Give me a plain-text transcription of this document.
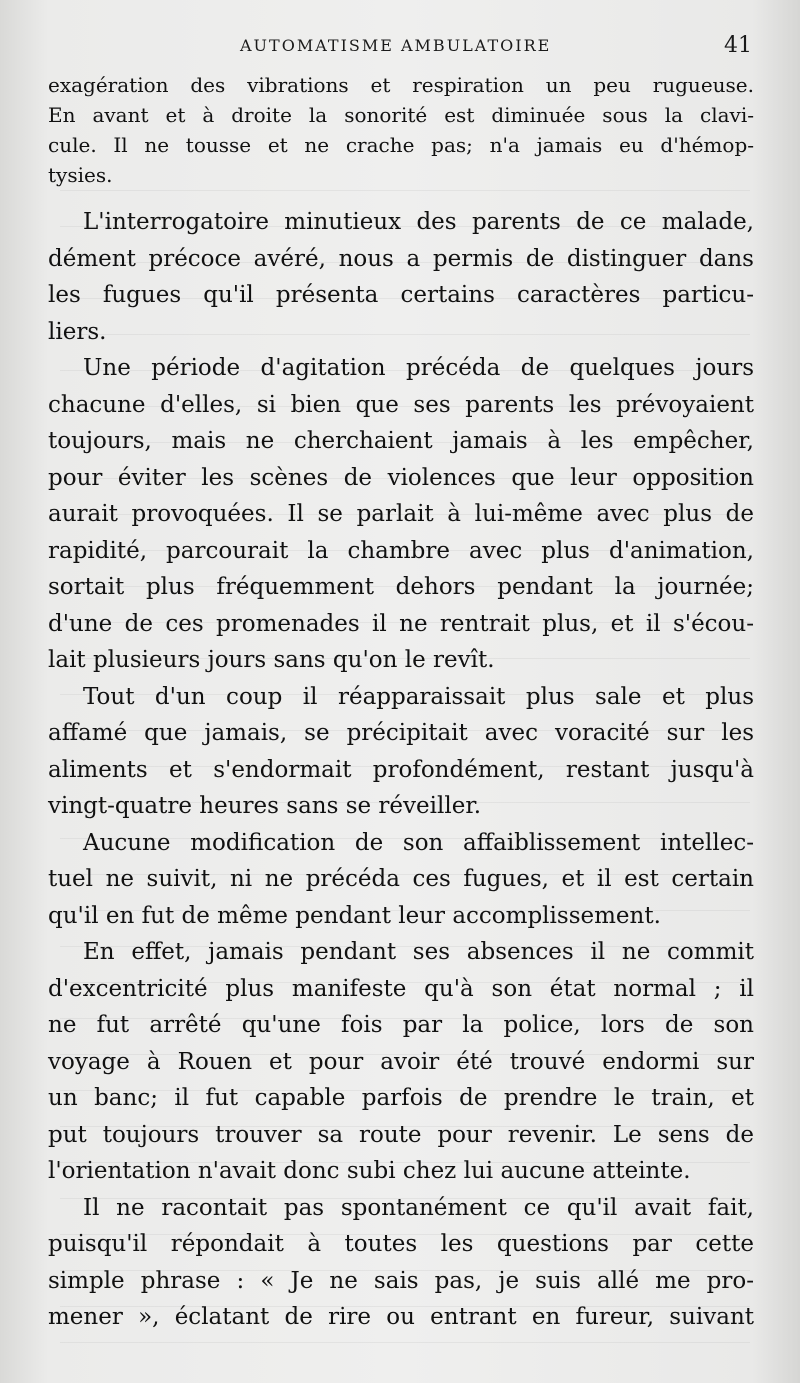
AUTOMATISME AMBULATOIRE	41

exagération des vibrations et respiration un peu rugueuse.
En avant et à droite la sonorité est diminuée sous la clavi-
cule. Il ne tousse et ne crache pas; n'a jamais eu d'hémop-
tysies.

L'interrogatoire minutieux des parents de ce malade,
dément précoce avéré, nous a permis de distinguer dans
les fugues qu'il présenta certains caractères particu-
liers.

Une période d'agitation précéda de quelques jours
chacune d'elles, si bien que ses parents les prévoyaient
toujours, mais ne cherchaient jamais à les empêcher,
pour éviter les scènes de violences que leur opposition
aurait provoquées. Il se parlait à lui-même avec plus de
rapidité, parcourait la chambre avec plus d'animation,
sortait plus fréquemment dehors pendant la journée;
d'une de ces promenades il ne rentrait plus, et il s'écou-
lait plusieurs jours sans qu'on le revît.

Tout d'un coup il réapparaissait plus sale et plus
affamé que jamais, se précipitait avec voracité sur les
aliments et s'endormait profondément, restant jusqu'à
vingt-quatre heures sans se réveiller.

Aucune modification de son affaiblissement intellec-
tuel ne suivit, ni ne précéda ces fugues, et il est certain
qu'il en fut de même pendant leur accomplissement.

En effet, jamais pendant ses absences il ne commit
d'excentricité plus manifeste qu'à son état normal ; il
ne fut arrêté qu'une fois par la police, lors de son
voyage à Rouen et pour avoir été trouvé endormi sur
un banc; il fut capable parfois de prendre le train, et
put toujours trouver sa route pour revenir. Le sens de
l'orientation n'avait donc subi chez lui aucune atteinte.

Il ne racontait pas spontanément ce qu'il avait fait,
puisqu'il répondait à toutes les questions par cette
simple phrase : « Je ne sais pas, je suis allé me pro-
mener », éclatant de rire ou entrant en fureur, suivant
